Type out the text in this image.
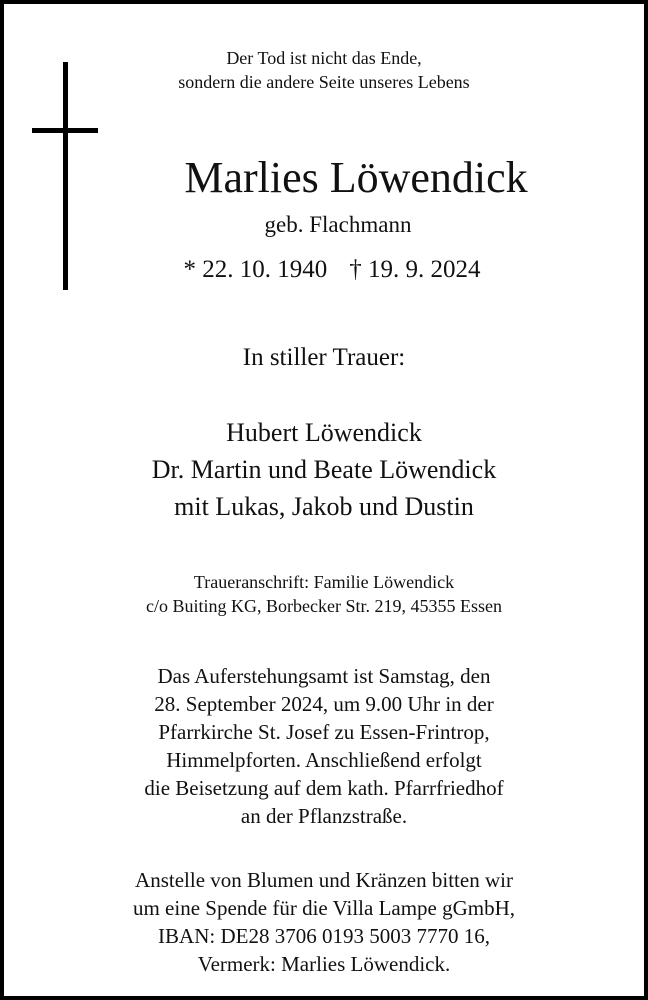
Der Tod ist nicht das Ende,
sondern die andere Seite unseres Lebens
Marlies Löwendick
geb. Flachmann
* 22. 10. 1940 † 19. 9. 2024
In stiller Trauer:
Hubert Löwendick
Dr. Martin und Beate Löwendick
mit Lukas, Jakob und Dustin
Traueranschrift: Familie Löwendick
c/o Buiting KG, Borbecker Str. 219, 45355 Essen
Das Auferstehungsamt ist Samstag, den
28. September 2024, um 9.00 Uhr in der
Pfarrkirche St. Josef zu Essen-Frintrop,
Himmelpforten. Anschließend erfolgt
die Beisetzung auf dem kath. Pfarrfriedhof
an der Pflanzstraße.
Anstelle von Blumen und Kränzen bitten wir
um eine Spende für die Villa Lampe gGmbH,
IBAN: DE28 3706 0193 5003 7770 16,
Vermerk: Marlies Löwendick.
